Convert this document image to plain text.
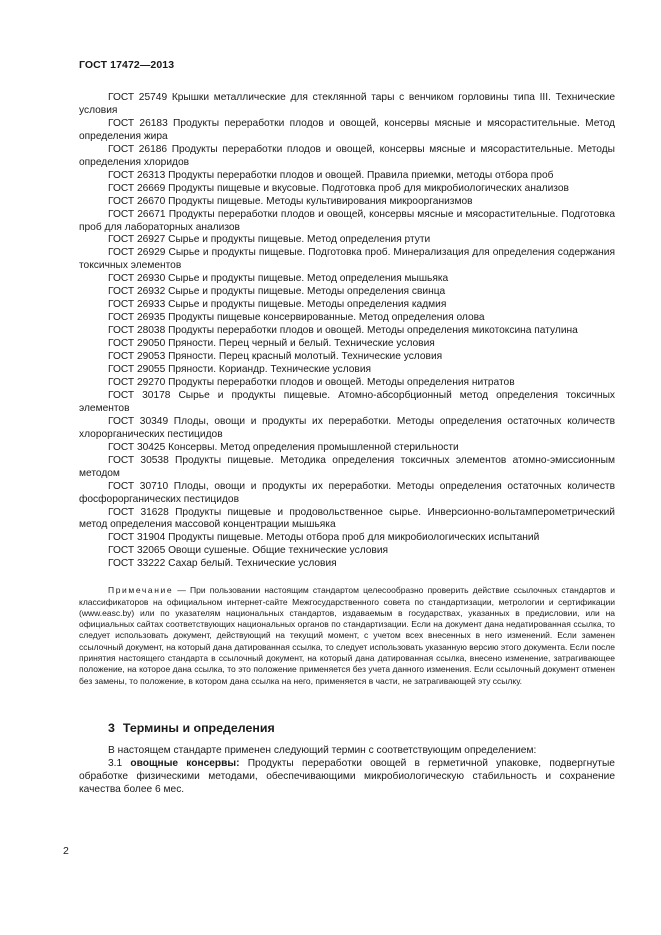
ГОСТ 17472—2013

ГОСТ 25749 Крышки металлические для стеклянной тары с венчиком горловины типа III. Технические условия

ГОСТ 26183 Продукты переработки плодов и овощей, консервы мясные и мясорастительные. Метод определения жира

ГОСТ 26186 Продукты переработки плодов и овощей, консервы мясные и мясорастительные. Методы определения хлоридов

ГОСТ 26313 Продукты переработки плодов и овощей. Правила приемки, методы отбора проб

ГОСТ 26669 Продукты пищевые и вкусовые. Подготовка проб для микробиологических анализов

ГОСТ 26670 Продукты пищевые. Методы культивирования микроорганизмов

ГОСТ 26671 Продукты переработки плодов и овощей, консервы мясные и мясорастительные. Подготовка проб для лабораторных анализов

ГОСТ 26927 Сырье и продукты пищевые. Метод определения ртути

ГОСТ 26929 Сырье и продукты пищевые. Подготовка проб. Минерализация для определения содержания токсичных элементов

ГОСТ 26930 Сырье и продукты пищевые. Метод определения мышьяка

ГОСТ 26932 Сырье и продукты пищевые. Методы определения свинца

ГОСТ 26933 Сырье и продукты пищевые. Методы определения кадмия

ГОСТ 26935 Продукты пищевые консервированные. Метод определения олова

ГОСТ 28038 Продукты переработки плодов и овощей. Методы определения микотоксина патулина

ГОСТ 29050 Пряности. Перец черный и белый. Технические условия

ГОСТ 29053 Пряности. Перец красный молотый. Технические условия

ГОСТ 29055 Пряности. Кориандр. Технические условия

ГОСТ 29270 Продукты переработки плодов и овощей. Методы определения нитратов

ГОСТ 30178 Сырье и продукты пищевые. Атомно-абсорбционный метод определения токсичных элементов

ГОСТ 30349 Плоды, овощи и продукты их переработки. Методы определения остаточных количеств хлорорганических пестицидов

ГОСТ 30425 Консервы. Метод определения промышленной стерильности

ГОСТ 30538 Продукты пищевые. Методика определения токсичных элементов атомно-эмиссионным методом

ГОСТ 30710 Плоды, овощи и продукты их переработки. Методы определения остаточных количеств фосфорорганических пестицидов

ГОСТ 31628 Продукты пищевые и продовольственное сырье. Инверсионно-вольтамперометрический метод определения массовой концентрации мышьяка

ГОСТ 31904 Продукты пищевые. Методы отбора проб для микробиологических испытаний

ГОСТ 32065 Овощи сушеные. Общие технические условия

ГОСТ 33222 Сахар белый. Технические условия

Примечание — При пользовании настоящим стандартом целесообразно проверить действие ссылочных стандартов и классификаторов на официальном интернет-сайте Межгосударственного совета по стандартизации, метрологии и сертификации (www.easc.by) или по указателям национальных стандартов, издаваемым в государствах, указанных в предисловии, или на официальных сайтах соответствующих национальных органов по стандартизации. Если на документ дана недатированная ссылка, то следует использовать документ, действующий на текущий момент, с учетом всех внесенных в него изменений. Если заменен ссылочный документ, на который дана датированная ссылка, то следует использовать указанную версию этого документа. Если после принятия настоящего стандарта в ссылочный документ, на который дана датированная ссылка, внесено изменение, затрагивающее положение, на которое дана ссылка, то это положение применяется без учета данного изменения. Если ссылочный документ отменен без замены, то положение, в котором дана ссылка на него, применяется в части, не затрагивающей эту ссылку.

3 Термины и определения

В настоящем стандарте применен следующий термин с соответствующим определением:

3.1 овощные консервы: Продукты переработки овощей в герметичной упаковке, подвергнутые обработке физическими методами, обеспечивающими микробиологическую стабильность и сохранение качества более 6 мес.

2
